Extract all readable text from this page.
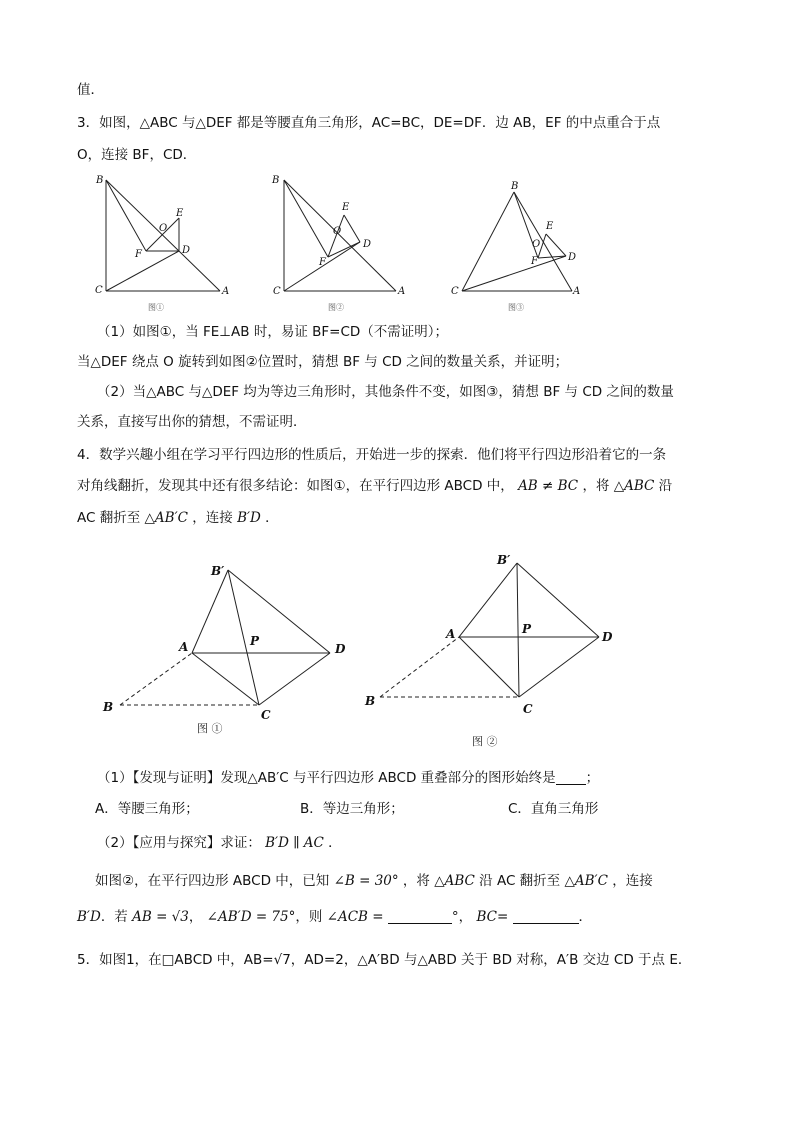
值．
3．如图，△ABC 与△DEF 都是等腰直角三角形，AC=BC，DE=DF．边 AB，EF 的中点重合于点
O，连接 BF，CD．
B
C	A
E
O
F	D
图①
B
C	A
E
O
F
D
图②
B
C	A
E
O
F	D
图③
（1）如图①，当 FE⊥AB 时，易证 BF=CD（不需证明）；
当△DEF 绕点 O 旋转到如图②位置时，猜想 BF 与 CD 之间的数量关系，并证明；
（2）当△ABC 与△DEF 均为等边三角形时，其他条件不变，如图③，猜想 BF 与 CD 之间的数量
关系，直接写出你的猜想，不需证明．
4．数学兴趣小组在学习平行四边形的性质后，开始进一步的探索．他们将平行四边形沿着它的一条
对角线翻折，发现其中还有很多结论：如图①，在平行四边形 ABCD 中， AB ≠ BC ，将 △ABC 沿
AC 翻折至 △AB′C ，连接 B′D ．
B′
A	P
D
B
C
图 ①
B′
A	P
D
B
C
图 ②
（1）【发现与证明】发现△AB′C 与平行四边形 ABCD 重叠部分的图形始终是 ；
A．等腰三角形；	B．等边三角形；	C．直角三角形
（2）【应用与探究】求证： B′D ∥ AC ．
如图②，在平行四边形 ABCD 中，已知 ∠B = 30° ，将 △ABC 沿 AC 翻折至 △AB′C ，连接
B′D．若 AB = √3， ∠AB′D = 75°，则 ∠ACB =	°， BC=	．
5．如图1，在□ABCD 中，AB=√7，AD=2，△A′BD 与△ABD 关于 BD 对称，A′B 交边 CD 于点 E．
